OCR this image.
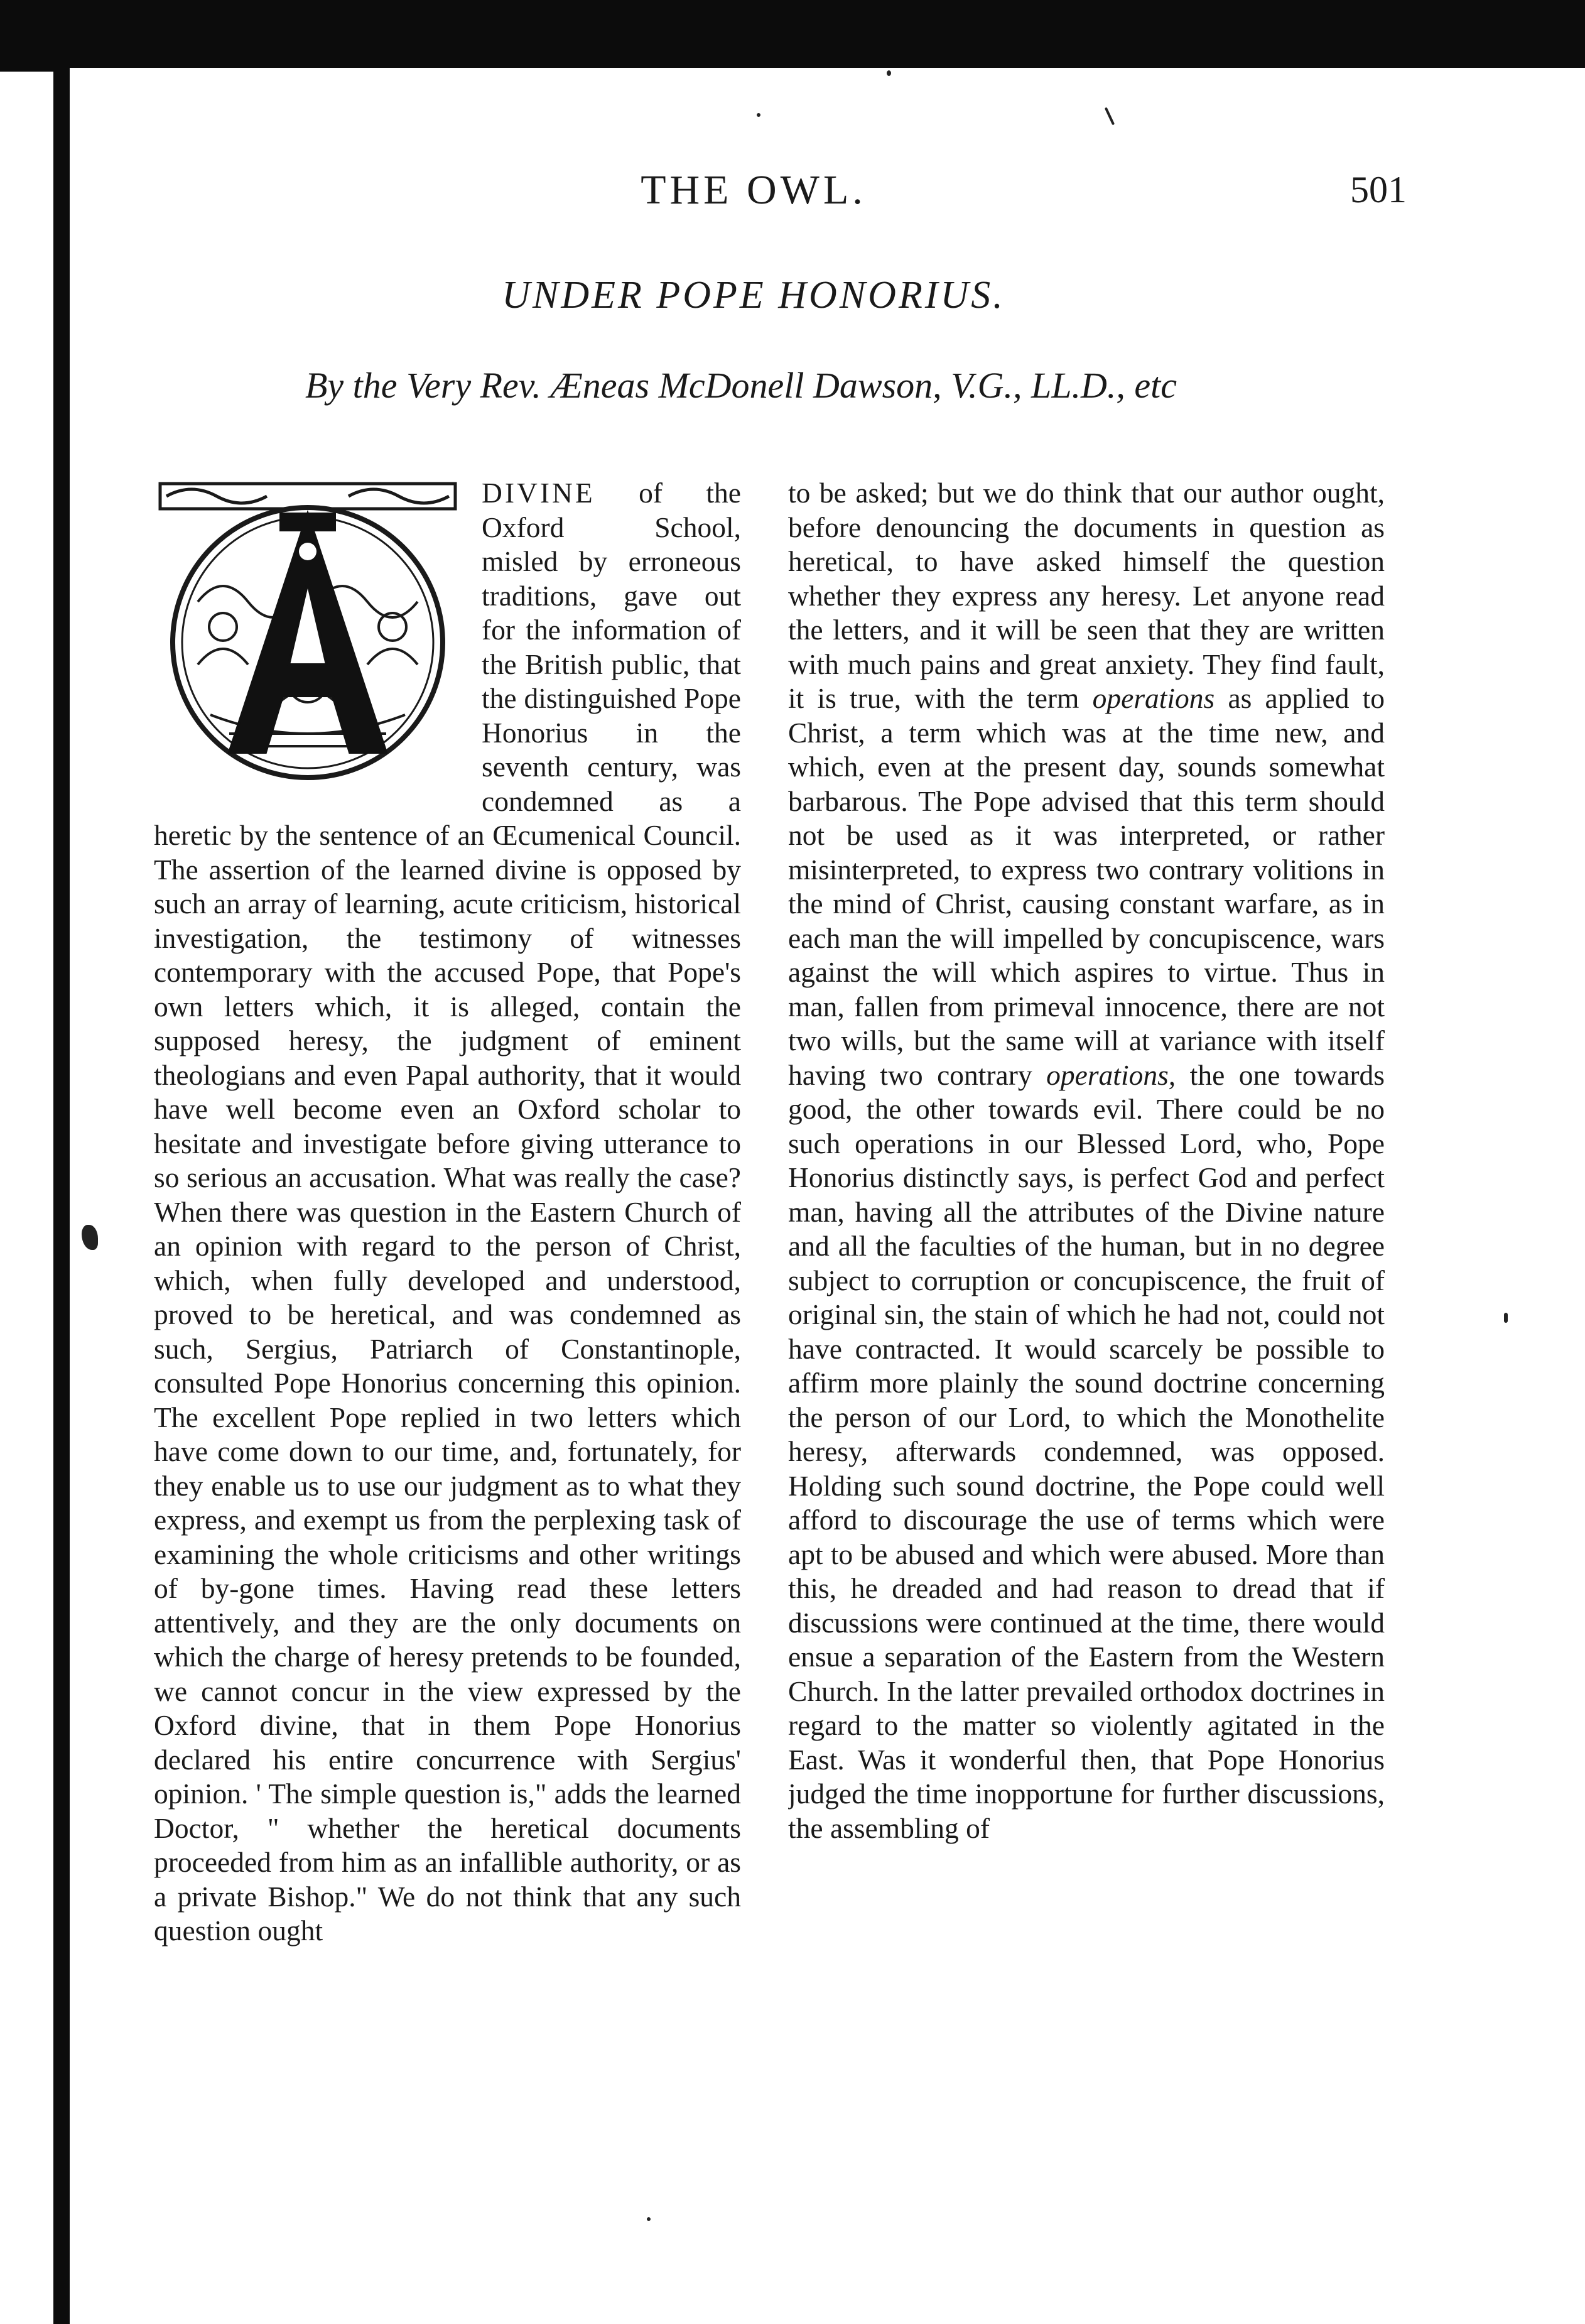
THE OWL.	501
UNDER POPE HONORIUS.
By the Very Rev. Æneas McDonell Dawson, V.G., LL.D., etc

DIVINE of the Oxford School, misled by erroneous traditions, gave out for the information of the British public, that the distinguished Pope Honorius in the seventh century, was condemned as a heretic by the sentence of an Œcumenical Council. The assertion of the learned divine is opposed by such an array of learning, acute criticism, historical investigation, the testimony of witnesses contemporary with the accused Pope, that Pope's own letters which, it is alleged, contain the supposed heresy, the judgment of eminent theologians and even Papal authority, that it would have well become even an Oxford scholar to hesitate and investigate before giving utterance to so serious an accusation. What was really the case? When there was question in the Eastern Church of an opinion with regard to the person of Christ, which, when fully developed and understood, proved to be heretical, and was condemned as such, Sergius, Patriarch of Constantinople, consulted Pope Honorius concerning this opinion. The excellent Pope replied in two letters which have come down to our time, and, fortunately, for they enable us to use our judgment as to what they express, and exempt us from the perplexing task of examining the whole criticisms and other writings of by-gone times. Having read these letters attentively, and they are the only documents on which the charge of heresy pretends to be founded, we cannot concur in the view expressed by the Oxford divine, that in them Pope Honorius declared his entire concurrence with Sergius' opinion. ' The simple question is," adds the learned Doctor, " whether the heretical documents proceeded from him as an infallible authority, or as a private Bishop." We do not think that any such question ought

to be asked; but we do think that our author ought, before denouncing the documents in question as heretical, to have asked himself the question whether they express any heresy. Let anyone read the letters, and it will be seen that they are written with much pains and great anxiety. They find fault, it is true, with the term operations as applied to Christ, a term which was at the time new, and which, even at the present day, sounds somewhat barbarous. The Pope advised that this term should not be used as it was interpreted, or rather misinterpreted, to express two contrary volitions in the mind of Christ, causing constant warfare, as in each man the will impelled by concupiscence, wars against the will which aspires to virtue. Thus in man, fallen from primeval innocence, there are not two wills, but the same will at variance with itself having two contrary operations, the one towards good, the other towards evil. There could be no such operations in our Blessed Lord, who, Pope Honorius distinctly says, is perfect God and perfect man, having all the attributes of the Divine nature and all the faculties of the human, but in no degree subject to corruption or concupiscence, the fruit of original sin, the stain of which he had not, could not have contracted. It would scarcely be possible to affirm more plainly the sound doctrine concerning the person of our Lord, to which the Monothelite heresy, afterwards condemned, was opposed. Holding such sound doctrine, the Pope could well afford to discourage the use of terms which were apt to be abused and which were abused. More than this, he dreaded and had reason to dread that if discussions were continued at the time, there would ensue a separation of the Eastern from the Western Church. In the latter prevailed orthodox doctrines in regard to the matter so violently agitated in the East. Was it wonderful then, that Pope Honorius judged the time inopportune for further discussions, the assembling of
